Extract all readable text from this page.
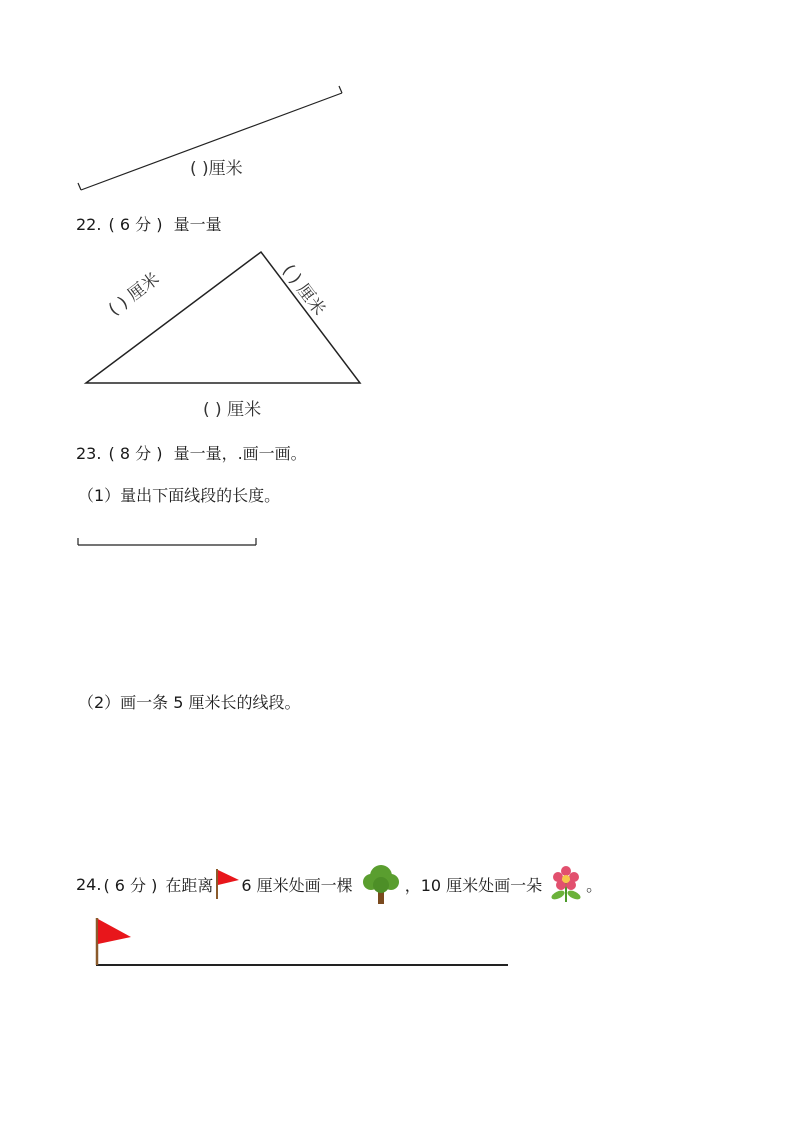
( )厘米
22. ( 6 分 ) 量一量
( ) 厘米	( ) 厘米
( ) 厘米
23. ( 8 分 ) 量一量，.画一画。
（1）量出下面线段的长度。
（2）画一条 5 厘米长的线段。
24. ( 6 分 ) 在距离 6 厘米处画一棵	，10 厘米处画一朵	。
